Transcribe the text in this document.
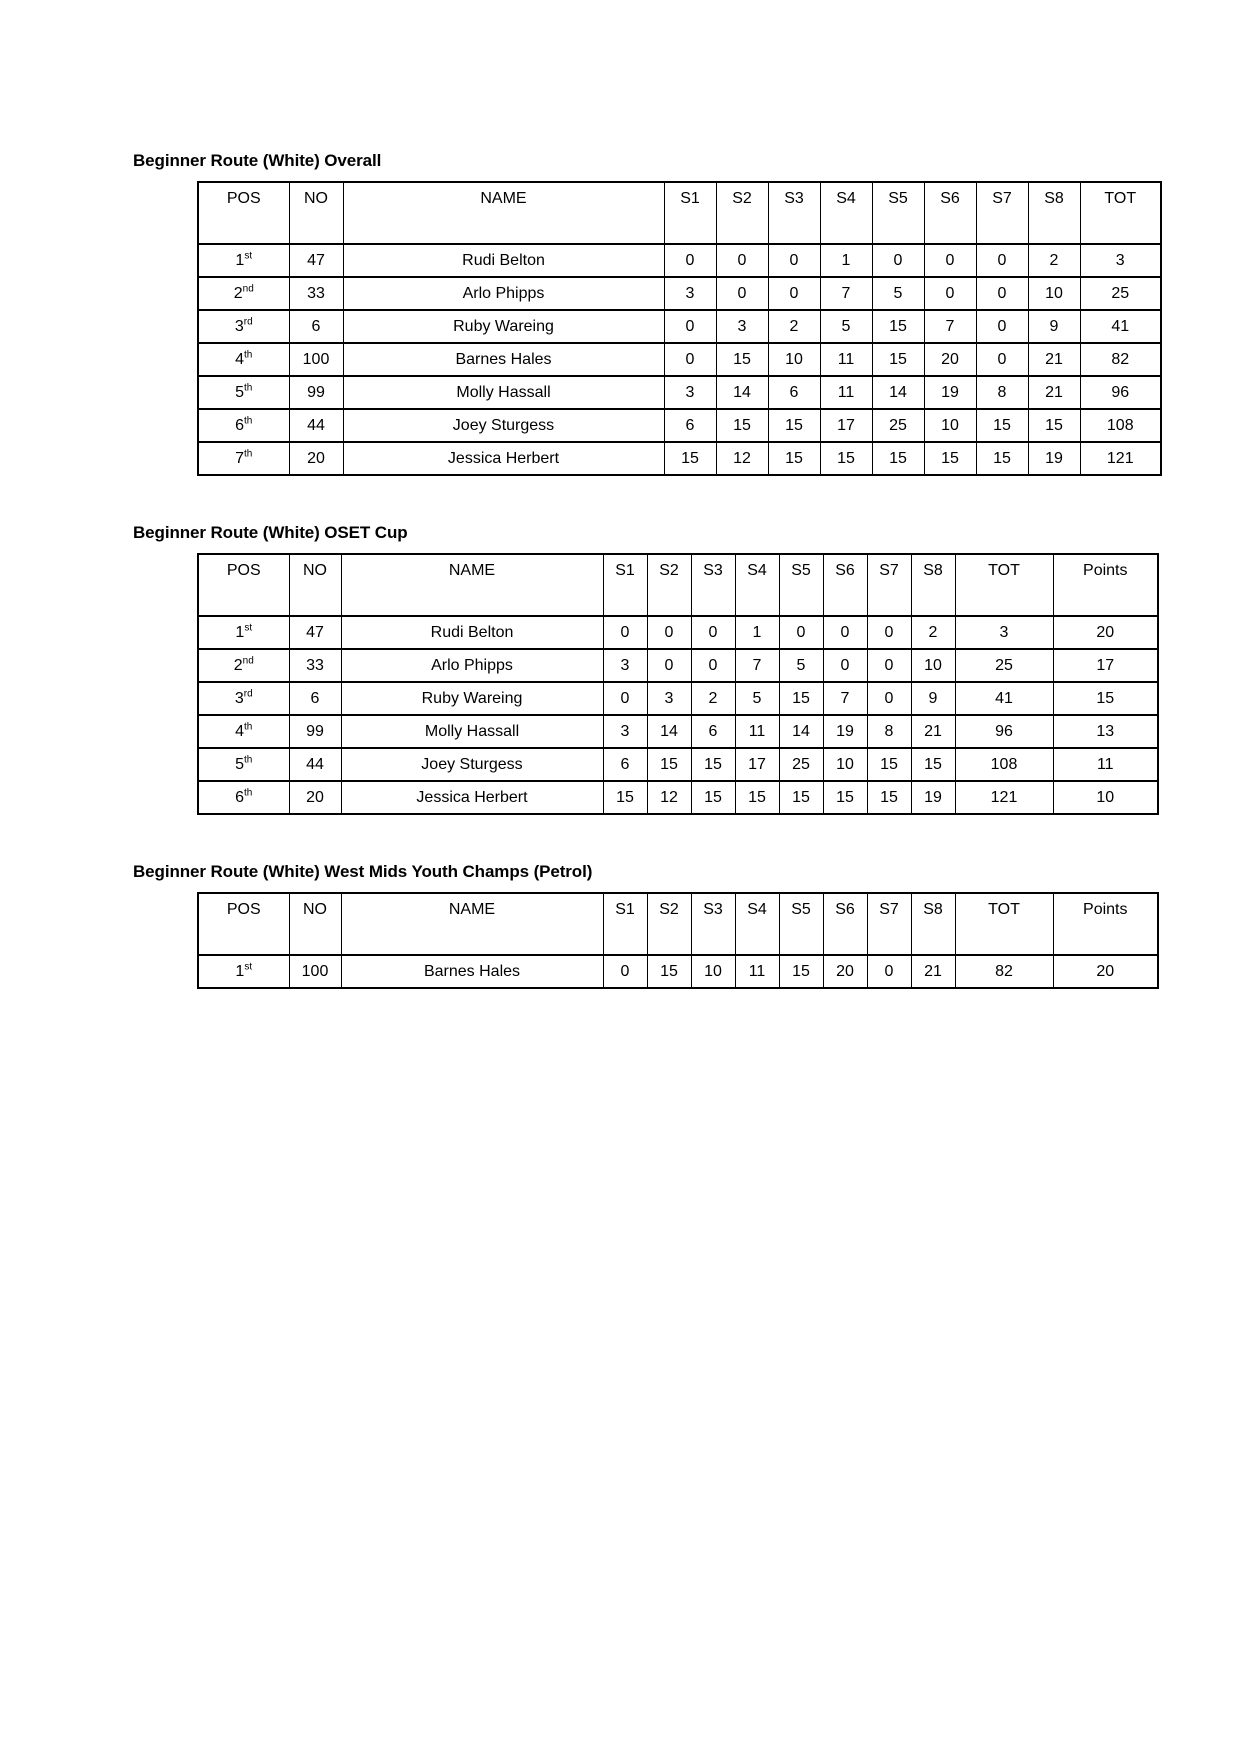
Beginner Route (White) Overall
POS	NO	NAME	S1	S2	S3	S4	S5	S6	S7	S8	TOT
1st	47	Rudi Belton	0	0	0	1	0	0	0	2	3
2nd	33	Arlo Phipps	3	0	0	7	5	0	0	10	25
3rd	6	Ruby Wareing	0	3	2	5	15	7	0	9	41
4th	100	Barnes Hales	0	15	10	11	15	20	0	21	82
5th	99	Molly Hassall	3	14	6	11	14	19	8	21	96
6th	44	Joey Sturgess	6	15	15	17	25	10	15	15	108
7th	20	Jessica Herbert	15	12	15	15	15	15	15	19	121
Beginner Route (White) OSET Cup
POS	NO	NAME	S1	S2	S3	S4	S5	S6	S7	S8	TOT	Points
1st	47	Rudi Belton	0	0	0	1	0	0	0	2	3	20
2nd	33	Arlo Phipps	3	0	0	7	5	0	0	10	25	17
3rd	6	Ruby Wareing	0	3	2	5	15	7	0	9	41	15
4th	99	Molly Hassall	3	14	6	11	14	19	8	21	96	13
5th	44	Joey Sturgess	6	15	15	17	25	10	15	15	108	11
6th	20	Jessica Herbert	15	12	15	15	15	15	15	19	121	10
Beginner Route (White) West Mids Youth Champs (Petrol)
POS	NO	NAME	S1	S2	S3	S4	S5	S6	S7	S8	TOT	Points
1st	100	Barnes Hales	0	15	10	11	15	20	0	21	82	20
